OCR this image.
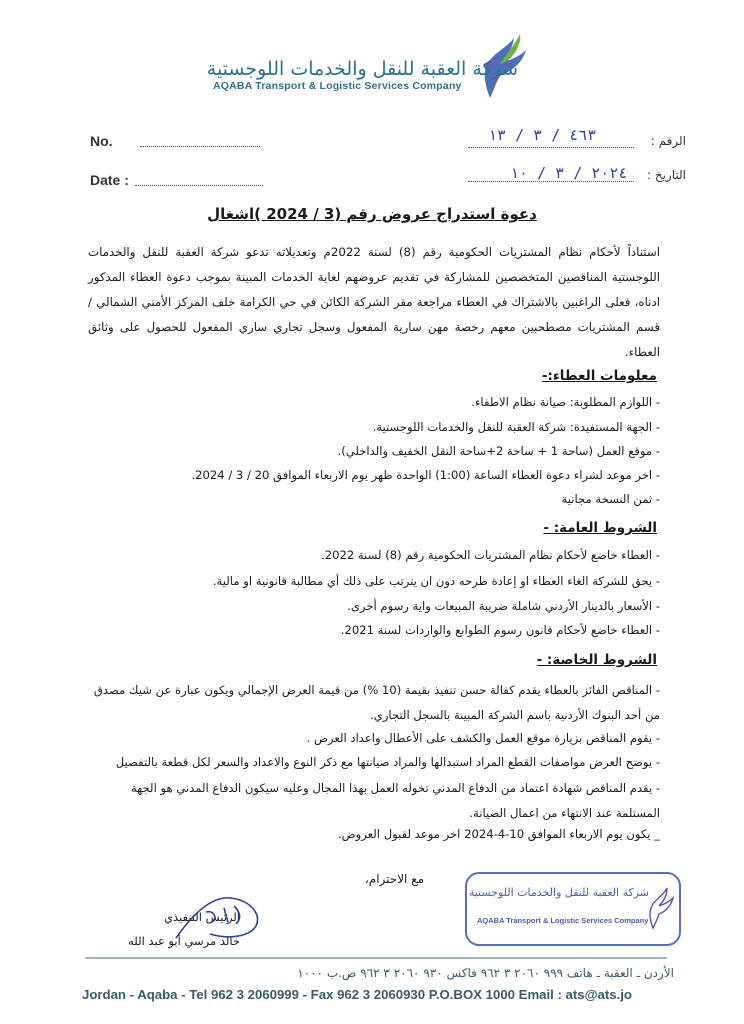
شركة العقبة للنقل والخدمات اللوجستية
AQABA Transport & Logistic Services Company
No.
Date :
الرقم :
٤٦٣ / ٣ / ١٣
التاريخ :
٢٠٢٤ / ٣ / ١٠
دعوة استدراج عروض رقم (3 / 2024 )اشغال
استناداً لأحكام نظام المشتريات الحكومية رقم (8) لسنة 2022م وتعديلاته تدعو شركة العقبة للنقل والخدمات اللوجستية المناقصين المتخصصين للمشاركة في تقديم عروضهم لغاية الخدمات المبينة بموجب دعوة العطاء المذكور ادناه، فعلى الراغبين بالاشتراك في العطاء مراجعة مقر الشركة الكائن في حي الكرامة خلف المركز الأمني الشمالي / قسم المشتريات مصطحبين معهم رخصة مهن سارية المفعول وسجل تجاري ساري المفعول للحصول على وثائق العطاء.
معلومات العطاء:-
- اللوازم المطلوبة: صيانة نظام الاطفاء.
- الجهة المستفيدة: شركة العقبة للنقل والخدمات اللوجستية.
- موقع العمل (ساحة 1 + ساحة 2+ساحة النقل الخفيف والداخلي).
- اخر موعد لشراء دعوة العطاء الساعة (1:00) الواحدة ظهر يوم الاربعاء الموافق 20 / 3 / 2024.
- ثمن النسخة مجانية
الشروط العامة: -
- العطاء خاضع لأحكام نظام المشتريات الحكومية رقم (8) لسنة 2022.
- يحق للشركة الغاء العطاء او إعادة طرحه دون ان يترتب على ذلك أي مطالبة قانونية او مالية.
- الأسعار بالدينار الأردني شاملة ضريبة المبيعات واية رسوم أخرى.
- العطاء خاضع لأحكام قانون رسوم الطوابع والواردات لسنة 2021.
الشروط الخاصة: -
- المناقص الفائز بالعطاء يقدم كفالة حسن تنفيذ بقيمة (10 %) من قيمة العرض الإجمالي ويكون عبارة عن شيك مصدق من أحد البنوك الأردنية باسم الشركة المبينة بالسجل التجاري.
- يقوم المناقص بزيارة موقع العمل والكشف على الأعطال واعداد العرض .
- يوضح العرض مواصفات القطع المراد استبدالها والمراد صيانتها مع ذكر النوع والاعداد والسعر لكل قطعة بالتفصيل
- يقدم المناقص شهادة اعتماد من الدفاع المدني تخوله العمل بهذا المجال وعليه سيكون الدفاع المدني هو الجهة المستلمة عند الانتهاء من اعمال الصيانة.
_ يكون يوم الاربعاء الموافق 10-4-2024 اخر موعد لقبول العروض.
مع الاحترام،
الرئيس التنفيذي
خالد مرسي أبو عبد الله
شركة العقبة للنقل والخدمات اللوجستية
AQABA Transport & Logistic Services Company
الأردن ـ العقبة ـ هاتف ٩٩٩ ٢٠٦٠ ٣ ٩٦٢ فاكس ٩٣٠ ٢٠٦٠ ٣ ٩٦٢ ص.ب ١٠٠٠
Jordan - Aqaba - Tel 962 3 2060999 - Fax 962 3 2060930 P.O.BOX 1000 Email : ats@ats.jo
